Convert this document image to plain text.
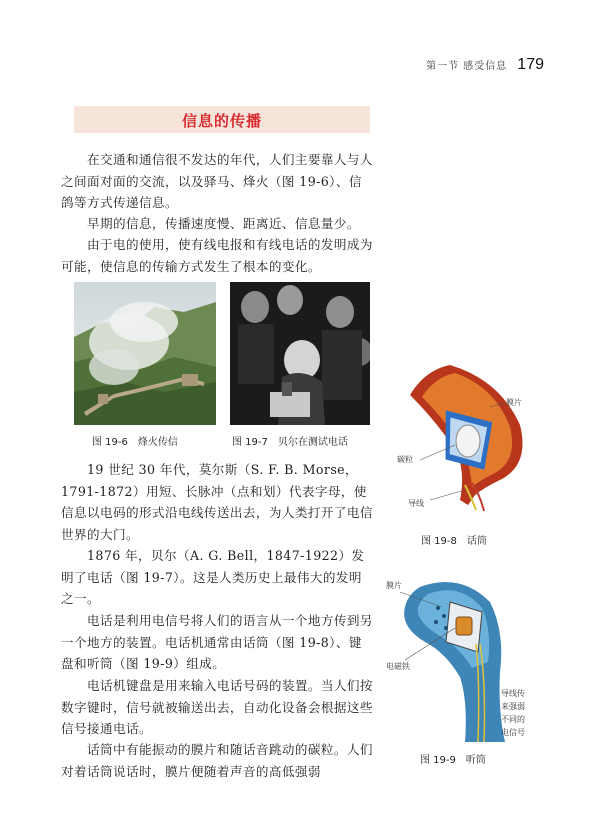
第一节 感受信息 179
信息的传播

　　在交通和通信很不发达的年代，人们主要靠人与人之间面对面的交流，以及驿马、烽火（图 19-6）、信鸽等方式传递信息。

　　早期的信息，传播速度慢、距离近、信息量少。

　　由于电的使用，使有线电报和有线电话的发明成为可能，使信息的传输方式发生了根本的变化。

图 19-6　烽火传信	图 19-7　贝尔在测试电话

　　19 世纪 30 年代，莫尔斯（S. F. B. Morse，1791-1872）用短、长脉冲（点和划）代表字母，使信息以电码的形式沿电线传送出去，为人类打开了电信世界的大门。

　　1876 年，贝尔（A. G. Bell，1847-1922）发明了电话（图 19-7）。这是人类历史上最伟大的发明之一。

　　电话是利用电信号将人们的语言从一个地方传到另一个地方的装置。电话机通常由话筒（图 19-8）、键盘和听筒（图 19-9）组成。

　　电话机键盘是用来输入电话号码的装置。当人们按数字键时，信号就被输送出去，自动化设备会根据这些信号接通电话。

　　话筒中有能振动的膜片和随话音跳动的碳粒。人们对着话筒说话时，膜片便随着声音的高低强弱

膜片
碳粒
导线
图 19-8　话筒
膜片
电磁铁
导线传
来强弱
不同的
电信号
图 19-9　听筒
